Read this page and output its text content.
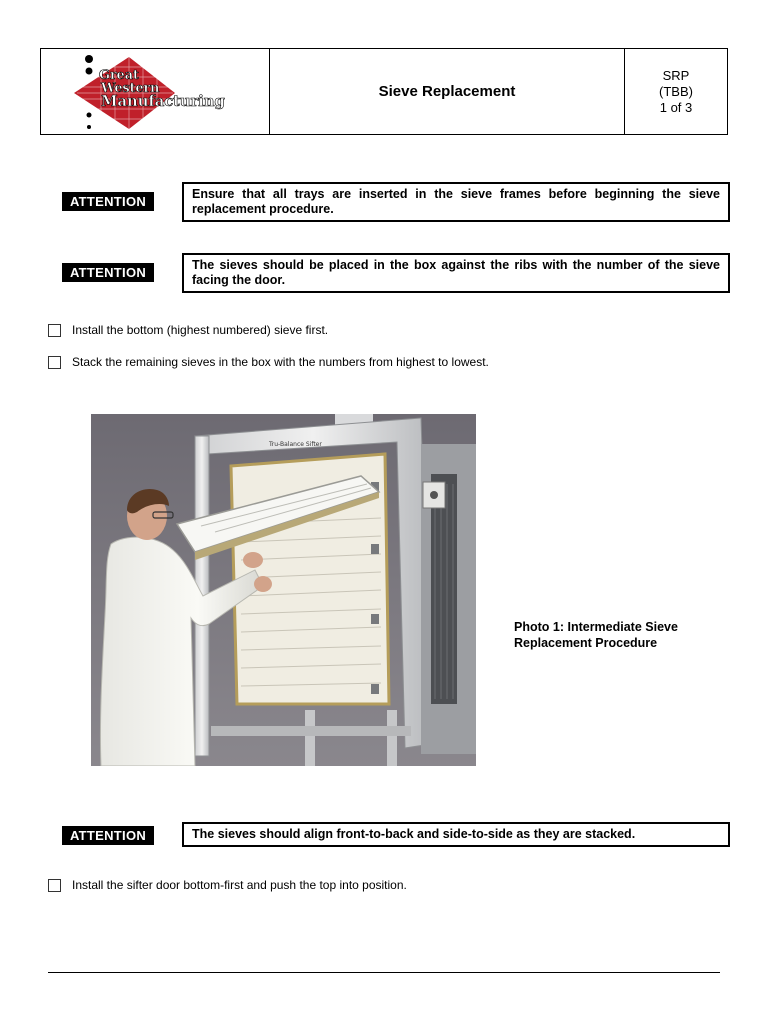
Great
Western
Manufacturing
Sieve Replacement
SRP
(TBB)
1 of 3
ATTENTION	Ensure that all trays are inserted in the sieve frames before beginning the sieve replacement procedure.
ATTENTION	The sieves should be placed in the box against the ribs with the number of the sieve facing the door.
Install the bottom (highest numbered) sieve first.
Stack the remaining sieves in the box with the numbers from highest to lowest.
Tru-Balance Sifter
Photo 1: Intermediate Sieve
Replacement Procedure
ATTENTION	The sieves should align front-to-back and side-to-side as they are stacked.
Install the sifter door bottom-first and push the top into position.
